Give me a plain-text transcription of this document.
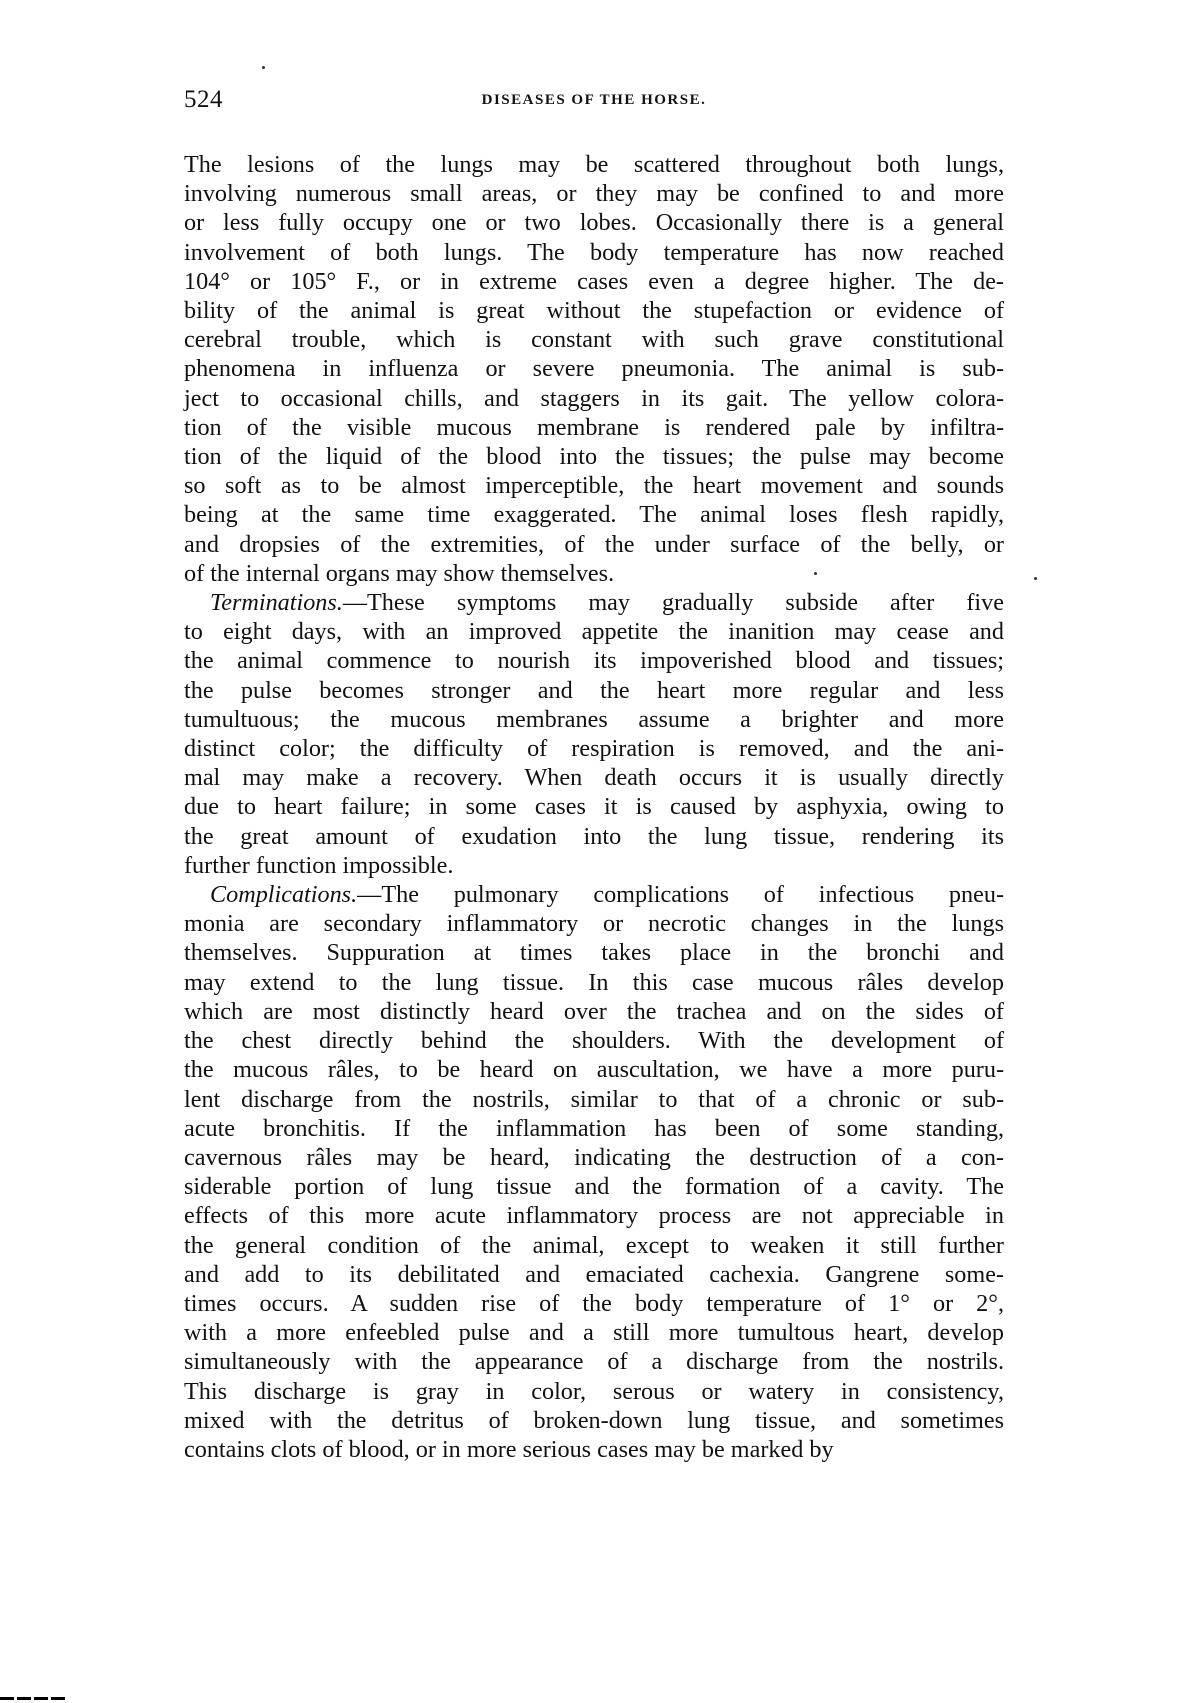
524	DISEASES OF THE HORSE.

The lesions of the lungs may be scattered throughout both lungs,
involving numerous small areas, or they may be confined to and more
or less fully occupy one or two lobes. Occasionally there is a general
involvement of both lungs. The body temperature has now reached
104° or 105° F., or in extreme cases even a degree higher. The de-
bility of the animal is great without the stupefaction or evidence of
cerebral trouble, which is constant with such grave constitutional
phenomena in influenza or severe pneumonia. The animal is sub-
ject to occasional chills, and staggers in its gait. The yellow colora-
tion of the visible mucous membrane is rendered pale by infiltra-
tion of the liquid of the blood into the tissues; the pulse may become
so soft as to be almost imperceptible, the heart movement and sounds
being at the same time exaggerated. The animal loses flesh rapidly,
and dropsies of the extremities, of the under surface of the belly, or
of the internal organs may show themselves.

Terminations.—These symptoms may gradually subside after five
to eight days, with an improved appetite the inanition may cease and
the animal commence to nourish its impoverished blood and tissues;
the pulse becomes stronger and the heart more regular and less
tumultuous; the mucous membranes assume a brighter and more
distinct color; the difficulty of respiration is removed, and the ani-
mal may make a recovery. When death occurs it is usually directly
due to heart failure; in some cases it is caused by asphyxia, owing to
the great amount of exudation into the lung tissue, rendering its
further function impossible.

Complications.—The pulmonary complications of infectious pneu-
monia are secondary inflammatory or necrotic changes in the lungs
themselves. Suppuration at times takes place in the bronchi and
may extend to the lung tissue. In this case mucous râles develop
which are most distinctly heard over the trachea and on the sides of
the chest directly behind the shoulders. With the development of
the mucous râles, to be heard on auscultation, we have a more puru-
lent discharge from the nostrils, similar to that of a chronic or sub-
acute bronchitis. If the inflammation has been of some standing,
cavernous râles may be heard, indicating the destruction of a con-
siderable portion of lung tissue and the formation of a cavity. The
effects of this more acute inflammatory process are not appreciable in
the general condition of the animal, except to weaken it still further
and add to its debilitated and emaciated cachexia. Gangrene some-
times occurs. A sudden rise of the body temperature of 1° or 2°,
with a more enfeebled pulse and a still more tumultous heart, develop
simultaneously with the appearance of a discharge from the nostrils.
This discharge is gray in color, serous or watery in consistency,
mixed with the detritus of broken-down lung tissue, and sometimes
contains clots of blood, or in more serious cases may be marked by
